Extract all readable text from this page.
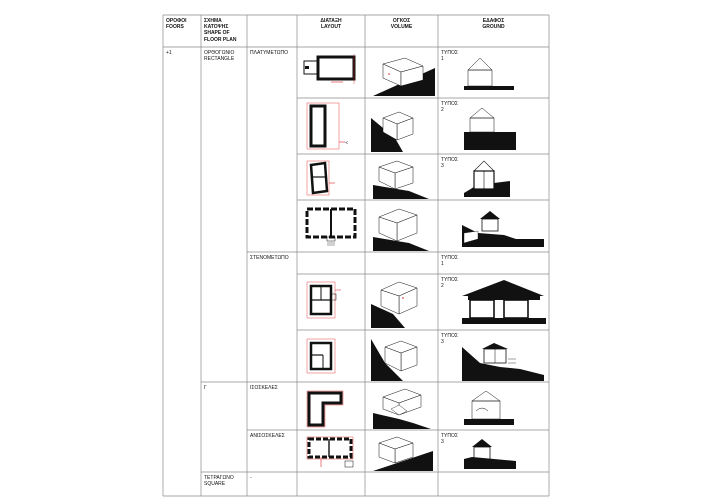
ΟΡΟΦΟΙ
FOORS
ΣΧΗΜΑ
ΚΑΤΟΨΗΣ
SHAPE OF
FLOOR PLAN
ΔΙΑΤΑΞΗ
LAYOUT
ΟΓΚΟΣ
VOLUME
ΕΔΑΦΟΣ
GROUND
+1	ΟΡΘΟΓΩΝΙΟ
RECTANGLE
ΠΛΑΤΥΜΕΤΩΠΟ
ΣΤΕΝΟΜΕΤΩΠΟ
Γ	ΙΣΟΣΚΕΛΕΣ
ΑΝΙΣΟΣΚΕΛΕΣ
ΤΕΤΡΑΓΩΝΟ
SQUARE
-
ΤΥΠΟΣ
1
ΤΥΠΟΣ
2
ΤΥΠΟΣ
3
ΤΥΠΟΣ
1
ΤΥΠΟΣ
2
ΤΥΠΟΣ
3
ΤΥΠΟΣ
3
<
